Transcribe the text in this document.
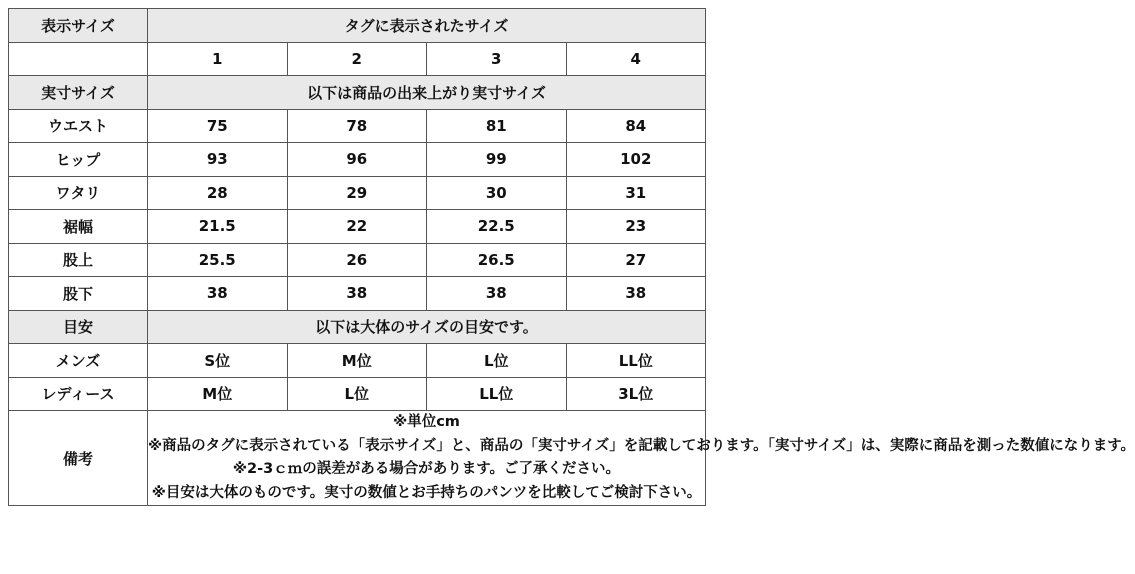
表示サイズ	タグに表示されたサイズ			
	1	2	3	4
実寸サイズ	以下は商品の出来上がり実寸サイズ			
ウエスト	75	78	81	84
ヒップ	93	96	99	102
ワタリ	28	29	30	31
裾幅	21.5	22	22.5	23
股上	25.5	26	26.5	27
股下	38	38	38	38
目安	以下は大体のサイズの目安です。			
メンズ	S位	M位	L位	LL位
レディース	M位	L位	LL位	3L位
備考	※単位cm
※商品のタグに表示されている「表示サイズ」と、商品の「実寸サイズ」を記載しております。「実寸サイズ」は、実際に商品を測った数値になります。
※2-3ｃｍの誤差がある場合があります。ご了承ください。
※目安は大体のものです。実寸の数値とお手持ちのパンツを比較してご検討下さい。			
